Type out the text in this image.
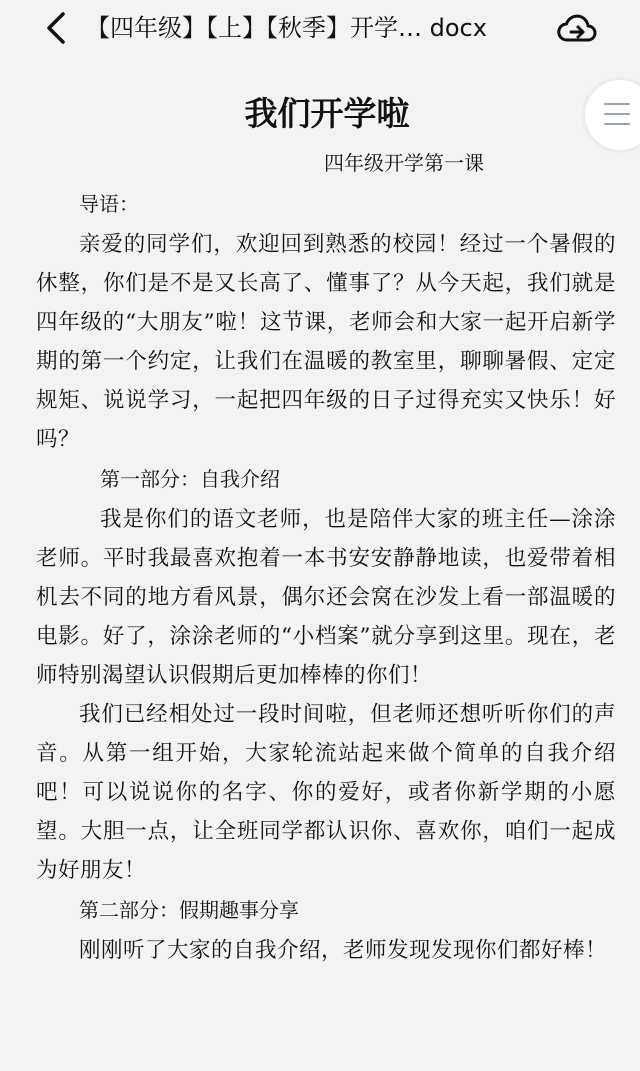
【四年级】【上】【秋季】开学… docx
我们开学啦

四年级开学第一课

导语：

亲爱的同学们，欢迎回到熟悉的校园！经过一个暑假的休整，你们是不是又长高了、懂事了？从今天起，我们就是四年级的“大朋友”啦！这节课，老师会和大家一起开启新学期的第一个约定，让我们在温暖的教室里，聊聊暑假、定定规矩、说说学习，一起把四年级的日子过得充实又快乐！好吗？

第一部分：自我介绍

我是你们的语文老师，也是陪伴大家的班主任—涂涂老师。平时我最喜欢抱着一本书安安静静地读，也爱带着相机去不同的地方看风景，偶尔还会窝在沙发上看一部温暖的电影。好了，涂涂老师的“小档案”就分享到这里。现在，老师特别渴望认识假期后更加棒棒的你们！

我们已经相处过一段时间啦，但老师还想听听你们的声音。从第一组开始，大家轮流站起来做个简单的自我介绍吧！可以说说你的名字、你的爱好，或者你新学期的小愿望。大胆一点，让全班同学都认识你、喜欢你，咱们一起成为好朋友！

第二部分：假期趣事分享

刚刚听了大家的自我介绍，老师发现发现你们都好棒！
